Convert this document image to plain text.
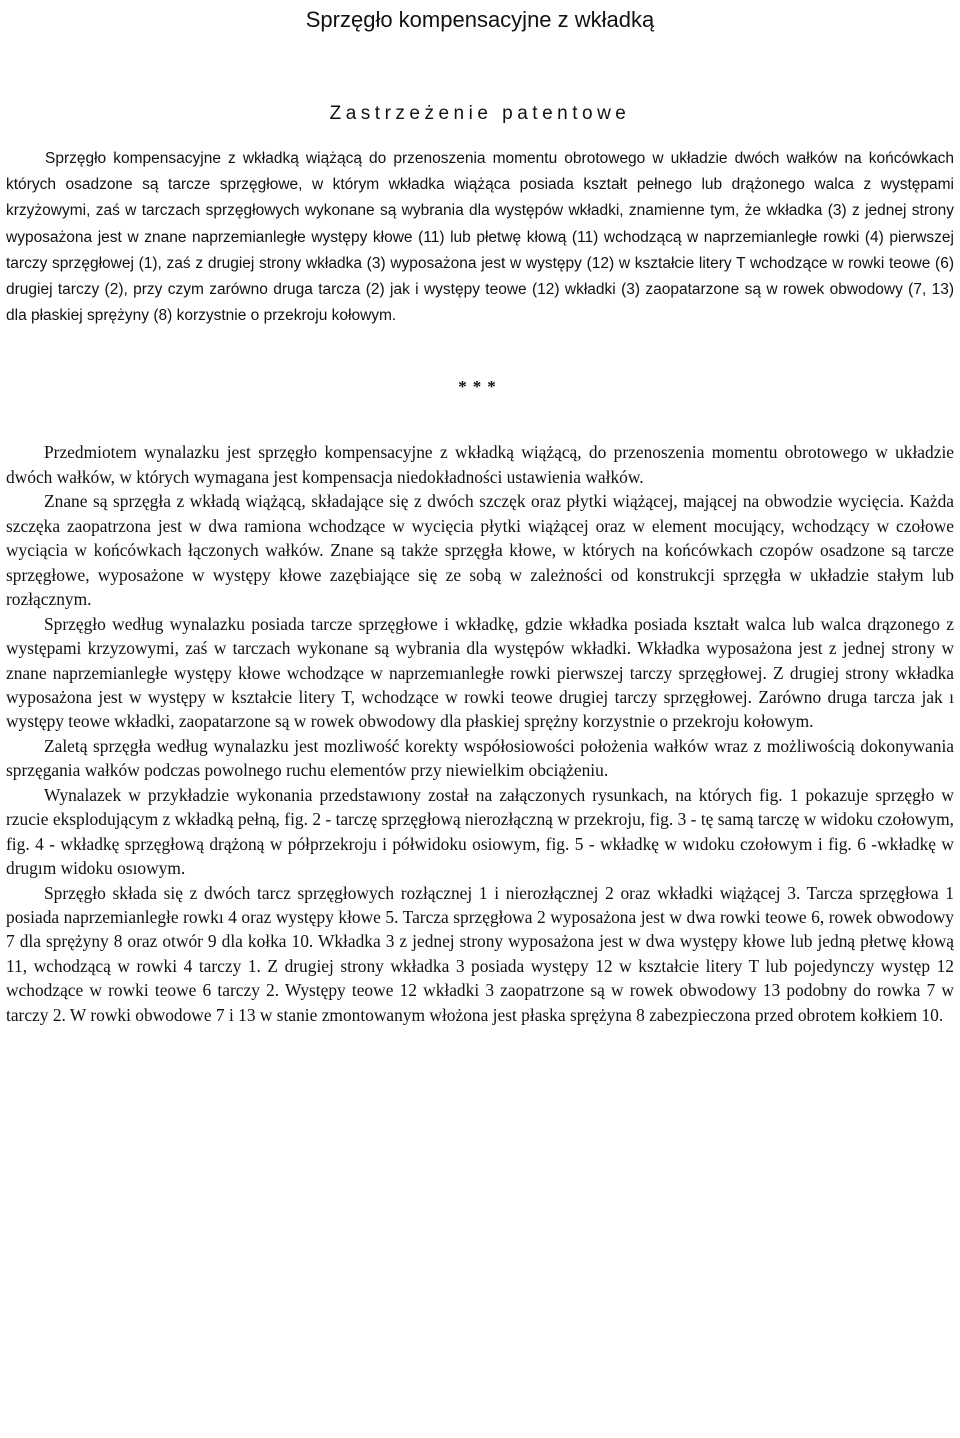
Sprzęgło kompensacyjne z wkładką
Zastrzeżenie patentowe

Sprzęgło kompensacyjne z wkładką wiążącą do przenoszenia momentu obrotowego w układzie dwóch wałków na końcówkach których osadzone są tarcze sprzęgłowe, w którym wkładka wiążąca posiada kształt pełnego lub drążonego walca z występami krzyżowymi, zaś w tarczach sprzęgłowych wykonane są wybrania dla występów wkładki, znamienne tym, że wkładka (3) z jednej strony wyposażona jest w znane naprzemianległe występy kłowe (11) lub płetwę kłową (11) wchodzącą w naprzemianległe rowki (4) pierwszej tarczy sprzęgłowej (1), zaś z drugiej strony wkładka (3) wyposażona jest w występy (12) w kształcie litery T wchodzące w rowki teowe (6) drugiej tarczy (2), przy czym zarówno druga tarcza (2) jak i występy teowe (12) wkładki (3) zaopatarzone są w rowek obwodowy (7, 13) dla płaskiej sprężyny (8) korzystnie o przekroju kołowym.

***

Przedmiotem wynalazku jest sprzęgło kompensacyjne z wkładką wiążącą, do przenoszenia momentu obrotowego w układzie dwóch wałków, w których wymagana jest kompensacja niedokładności ustawienia wałków.

Znane są sprzęgła z wkładą wiążącą, składające się z dwóch szczęk oraz płytki wiążącej, mającej na obwodzie wycięcia. Każda szczęka zaopatrzona jest w dwa ramiona wchodzące w wycięcia płytki wiążącej oraz w element mocujący, wchodzący w czołowe wyciącia w końcówkach łączonych wałków. Znane są także sprzęgła kłowe, w których na końcówkach czopów osadzone są tarcze sprzęgłowe, wyposażone w występy kłowe zazębiające się ze sobą w zależności od konstrukcji sprzęgła w układzie stałym lub rozłącznym.

Sprzęgło według wynalazku posiada tarcze sprzęgłowe i wkładkę, gdzie wkładka posiada kształt walca lub walca drązonego z występami krzyzowymi, zaś w tarczach wykonane są wybrania dla występów wkładki. Wkładka wyposażona jest z jednej strony w znane naprzemianległe występy kłowe wchodzące w naprzemıanległe rowki pierwszej tarczy sprzęgłowej. Z drugiej strony wkładka wyposażona jest w występy w kształcie litery T, wchodzące w rowki teowe drugiej tarczy sprzęgłowej. Zarówno druga tarcza jak ı występy teowe wkładki, zaopatarzone są w rowek obwodowy dla płaskiej sprężny korzystnie o przekroju kołowym.

Zaletą sprzęgła według wynalazku jest mozliwość korekty współosiowości położenia wałków wraz z możliwością dokonywania sprzęgania wałków podczas powolnego ruchu elementów przy niewielkim obciążeniu.

Wynalazek w przykładzie wykonania przedstawıony został na załączonych rysunkach, na których fig. 1 pokazuje sprzęgło w rzucie eksplodującym z wkładką pełną, fig. 2 - tarczę sprzęgłową nierozłączną w przekroju, fig. 3 - tę samą tarczę w widoku czołowym, fig. 4 - wkładkę sprzęgłową drążoną w półprzekroju i półwidoku osiowym, fig. 5 - wkładkę w wıdoku czołowym i fig. 6 -wkładkę w drugım widoku osıowym.

Sprzęgło składa się z dwóch tarcz sprzęgłowych rozłącznej 1 i nierozłącznej 2 oraz wkładki wiążącej 3. Tarcza sprzęgłowa 1 posiada naprzemianległe rowkı 4 oraz występy kłowe 5. Tarcza sprzęgłowa 2 wyposażona jest w dwa rowki teowe 6, rowek obwodowy 7 dla sprężyny 8 oraz otwór 9 dla kołka 10. Wkładka 3 z jednej strony wyposażona jest w dwa występy kłowe lub jedną płetwę kłową 11, wchodzącą w rowki 4 tarczy 1. Z drugiej strony wkładka 3 posiada występy 12 w kształcie litery T lub pojedynczy występ 12 wchodzące w rowki teowe 6 tarczy 2. Występy teowe 12 wkładki 3 zaopatrzone są w rowek obwodowy 13 podobny do rowka 7 w tarczy 2. W rowki obwodowe 7 i 13 w stanie zmontowanym włożona jest płaska sprężyna 8 zabezpieczona przed obrotem kołkiem 10.
